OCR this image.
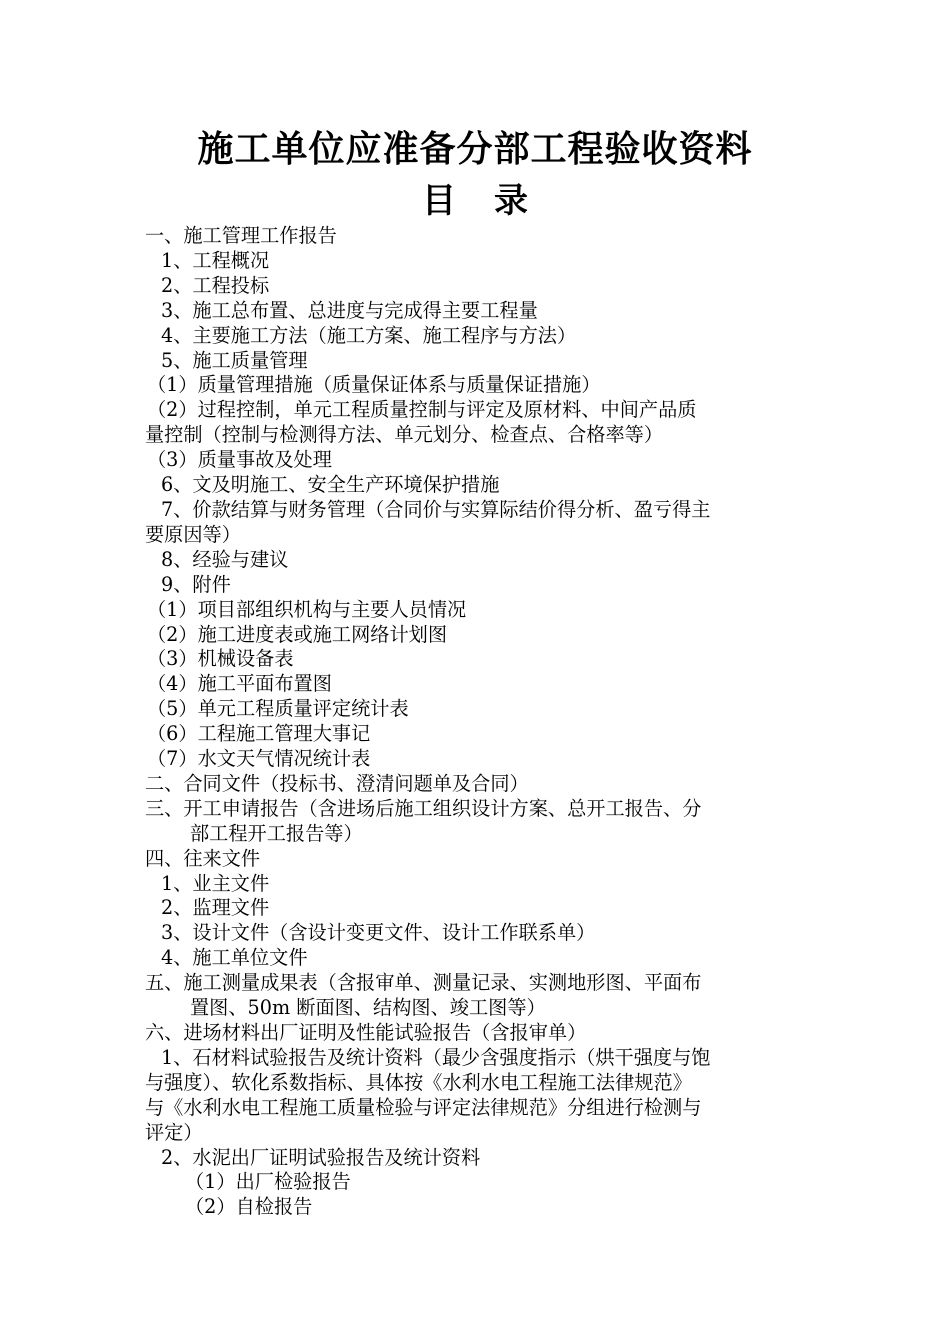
施工单位应准备分部工程验收资料
目录
一、施工管理工作报告
1、工程概况
2、工程投标
3、施工总布置、总进度与完成得主要工程量
4、主要施工方法（施工方案、施工程序与方法）
5、施工质量管理
（1）质量管理措施（质量保证体系与质量保证措施）
（2）过程控制，单元工程质量控制与评定及原材料、中间产品质
量控制（控制与检测得方法、单元划分、检查点、合格率等）
（3）质量事故及处理
6、文及明施工、安全生产环境保护措施
7、价款结算与财务管理（合同价与实算际结价得分析、盈亏得主
要原因等）
8、经验与建议
9、附件
（1）项目部组织机构与主要人员情况
（2）施工进度表或施工网络计划图
（3）机械设备表
（4）施工平面布置图
（5）单元工程质量评定统计表
（6）工程施工管理大事记
（7）水文天气情况统计表
二、合同文件（投标书、澄清问题单及合同）
三、开工申请报告（含进场后施工组织设计方案、总开工报告、分
部工程开工报告等）
四、往来文件
1、业主文件
2、监理文件
3、设计文件（含设计变更文件、设计工作联系单）
4、施工单位文件
五、施工测量成果表（含报审单、测量记录、实测地形图、平面布
置图、50m 断面图、结构图、竣工图等）
六、进场材料出厂证明及性能试验报告（含报审单）
1、石材料试验报告及统计资料（最少含强度指示（烘干强度与饱
与强度）、软化系数指标、具体按《水利水电工程施工法律规范》
与《水利水电工程施工质量检验与评定法律规范》分组进行检测与
评定）
2、水泥出厂证明试验报告及统计资料
（1）出厂检验报告
（2）自检报告
